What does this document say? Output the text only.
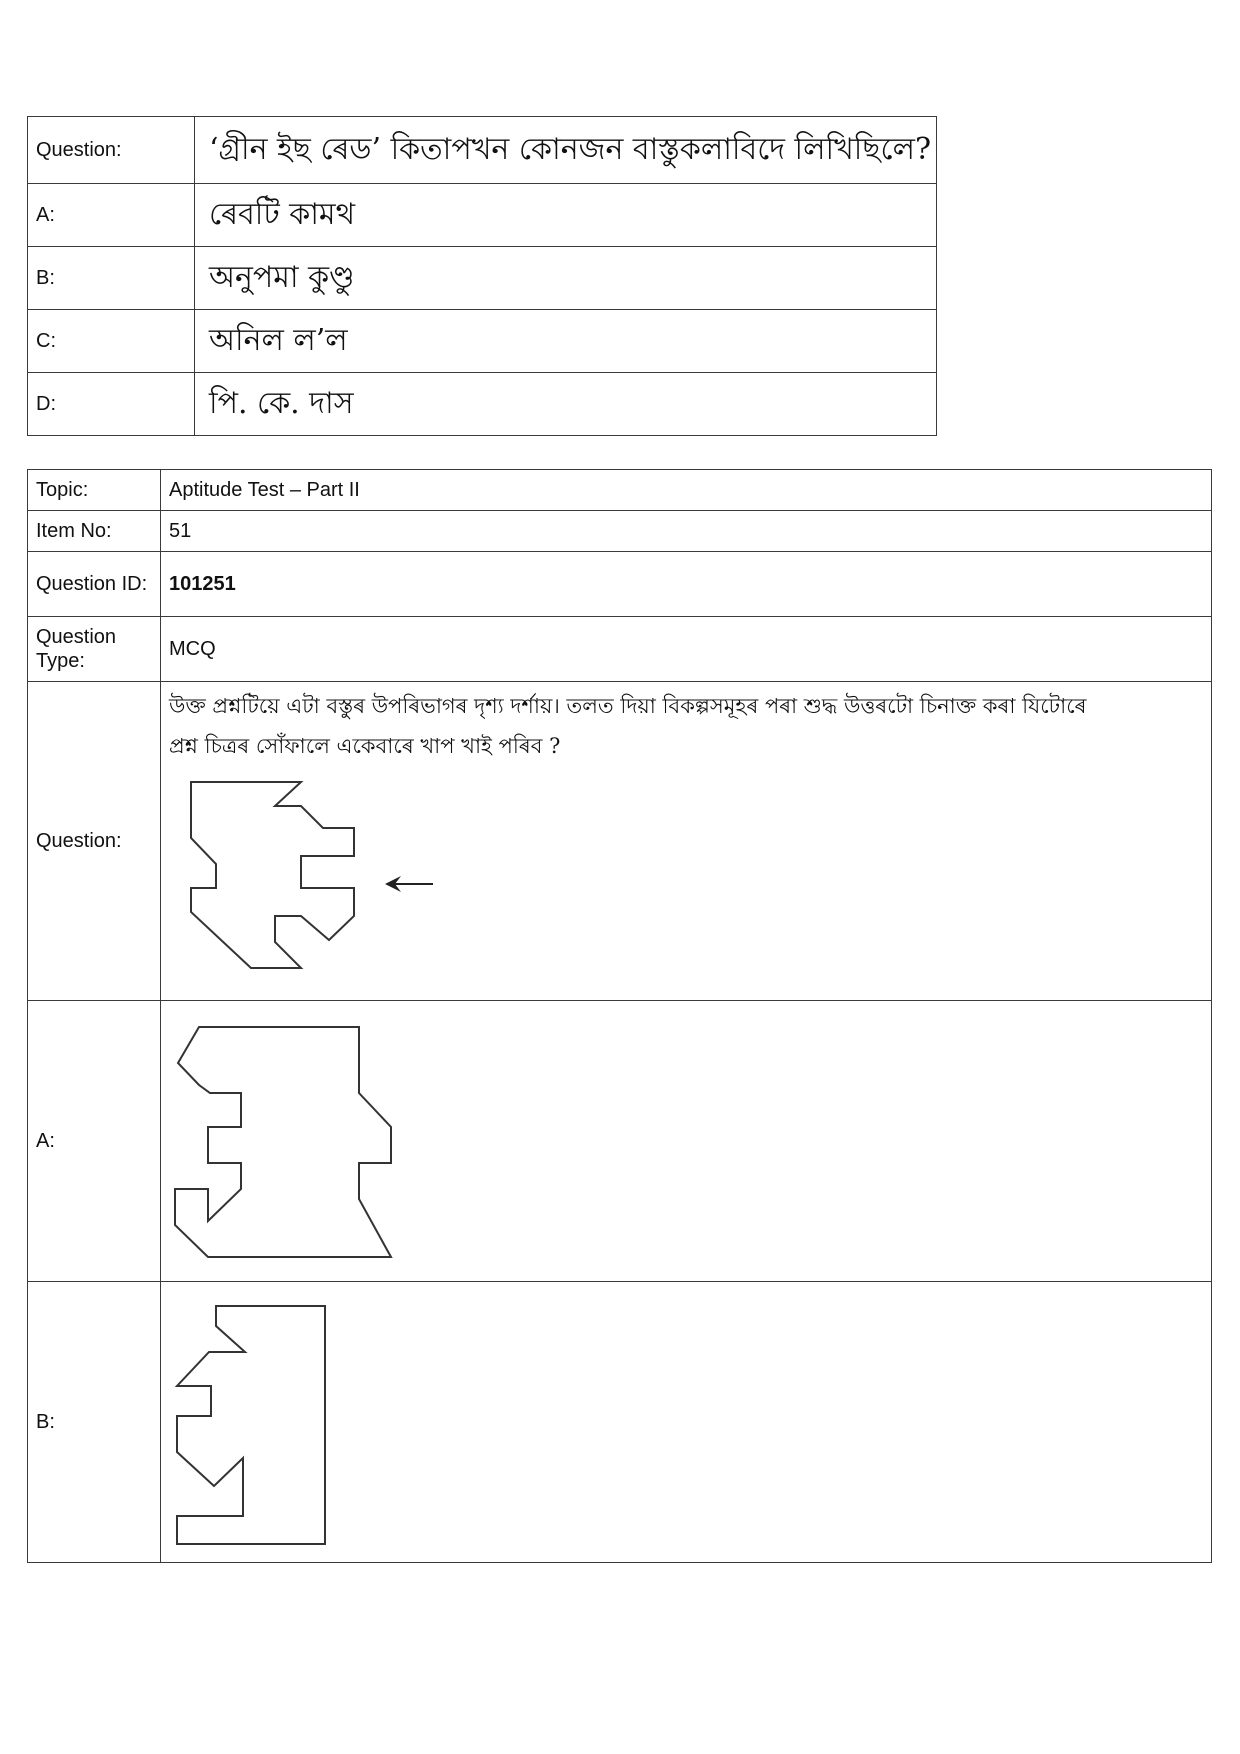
Question:	‘গ্ৰীন ইছ ৰেড’ কিতাপখন কোনজন বাস্তুকলাবিদে লিখিছিলে?
A:	ৰেবটি কামথ
B:	অনুপমা কুণ্ডু
C:	অনিল ল’ল
D:	পি. কে. দাস
Topic:	Aptitude Test – Part II
Item No:	51
Question ID:	101251
Question Type:	MCQ
Question:	উক্ত প্ৰশ্নটিয়ে এটা বস্তুৰ উপৰিভাগৰ দৃশ্য দৰ্শায়। তলত দিয়া বিকল্পসমূহৰ পৰা শুদ্ধ উত্তৰটো চিনাক্ত কৰা যিটোৰে
প্ৰশ্ন চিত্ৰৰ সোঁফালে একেবাৰে খাপ খাই পৰিব ?

A:	

B:	
